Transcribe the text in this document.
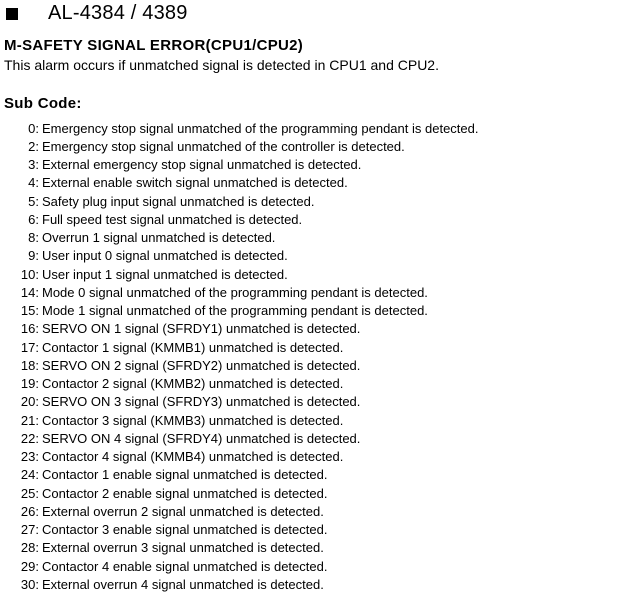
AL-4384 / 4389
M-SAFETY SIGNAL ERROR(CPU1/CPU2)
This alarm occurs if unmatched signal is detected in CPU1 and CPU2.
Sub Code:
0: Emergency stop signal unmatched of the programming pendant is detected.
2: Emergency stop signal unmatched of the controller is detected.
3: External emergency stop signal unmatched is detected.
4: External enable switch signal unmatched is detected.
5: Safety plug input signal unmatched is detected.
6: Full speed test signal unmatched is detected.
8: Overrun 1 signal unmatched is detected.
9: User input 0 signal unmatched is detected.
10: User input 1 signal unmatched is detected.
14: Mode 0 signal unmatched of the programming pendant is detected.
15: Mode 1 signal unmatched of the programming pendant is detected.
16: SERVO ON 1 signal (SFRDY1) unmatched is detected.
17: Contactor 1 signal (KMMB1) unmatched is detected.
18: SERVO ON 2 signal (SFRDY2) unmatched is detected.
19: Contactor 2 signal (KMMB2) unmatched is detected.
20: SERVO ON 3 signal (SFRDY3) unmatched is detected.
21: Contactor 3 signal (KMMB3) unmatched is detected.
22: SERVO ON 4 signal (SFRDY4) unmatched is detected.
23: Contactor 4 signal (KMMB4) unmatched is detected.
24: Contactor 1 enable signal unmatched is detected.
25: Contactor 2 enable signal unmatched is detected.
26: External overrun 2 signal unmatched is detected.
27: Contactor 3 enable signal unmatched is detected.
28: External overrun 3 signal unmatched is detected.
29: Contactor 4 enable signal unmatched is detected.
30: External overrun 4 signal unmatched is detected.
